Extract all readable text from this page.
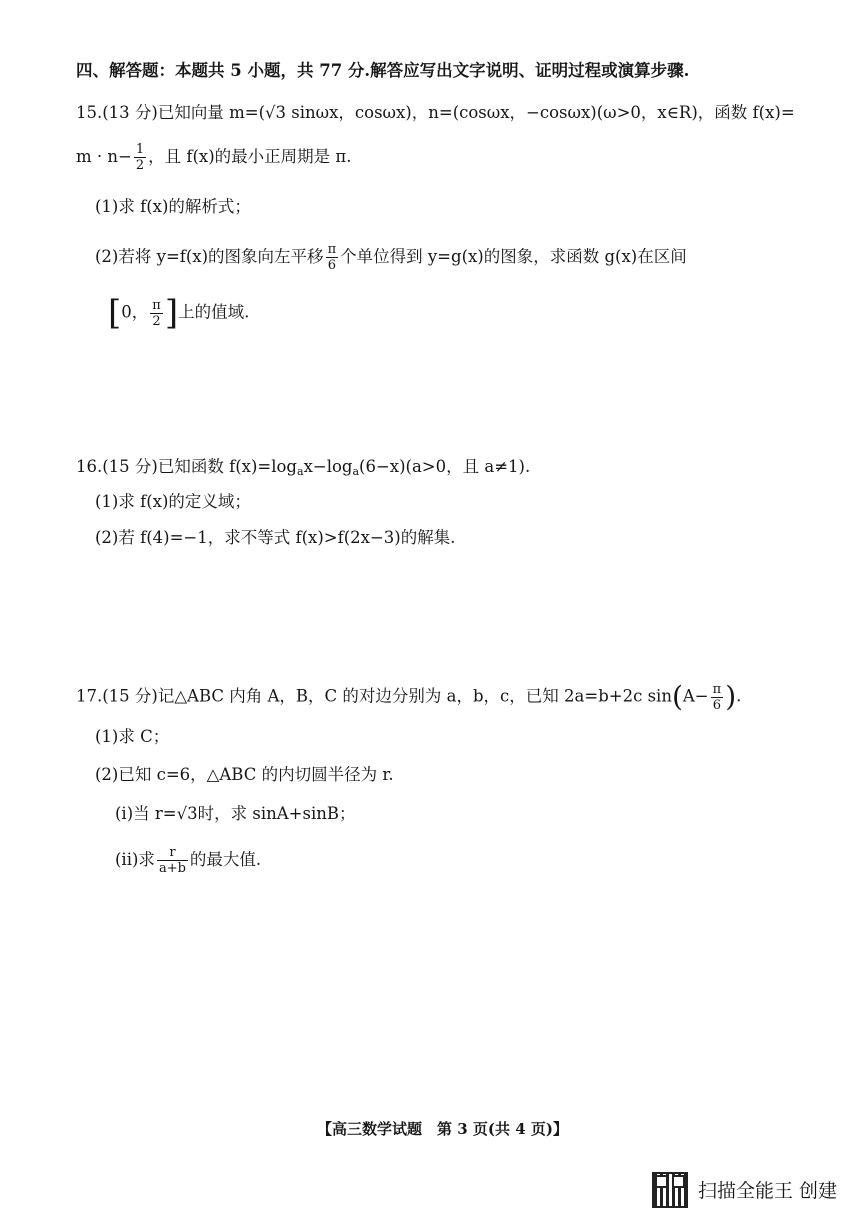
四、解答题：本题共 5 小题，共 77 分.解答应写出文字说明、证明过程或演算步骤.
15.(13 分)已知向量 m=(√3 sinωx，cosωx)，n=(cosωx，−cosωx)(ω>0，x∈R)，函数 f(x)=
$m \cdot n- \frac{1}{2}$ ，且 f(x)的最小正周期是 π.
(1)求 f(x)的解析式；
(2)若将 y=f(x)的图象向左平移 $\frac{\pi}{6}$ 个单位得到 y=g(x)的图象，求函数 g(x)在区间
[0， $\frac{\pi}{2}$ ]上的值域.
16.(15 分)已知函数 $f(x)=\log_ax-\log_a(6-x)(a>0$，且 a≠1).
(1)求 f(x)的定义域；
(2)若 f(4)=−1，求不等式 f(x)>f(2x−3)的解集.
17.(15 分)记△ABC 内角 A，B，C 的对边分别为 a，b，c，已知 2a=b+2c $\sin(A- \frac{\pi}{6}$ ).
(1)求 C；
(2)已知 c=6，△ABC 的内切圆半径为 r.
(i)当 r=√3时，求 sinA+sinB；
(ii)求 $\frac{r}{a+b}$ 的最大值.
【高三数学试题　第 3 页(共 4 页)】
扫描全能王 创建
